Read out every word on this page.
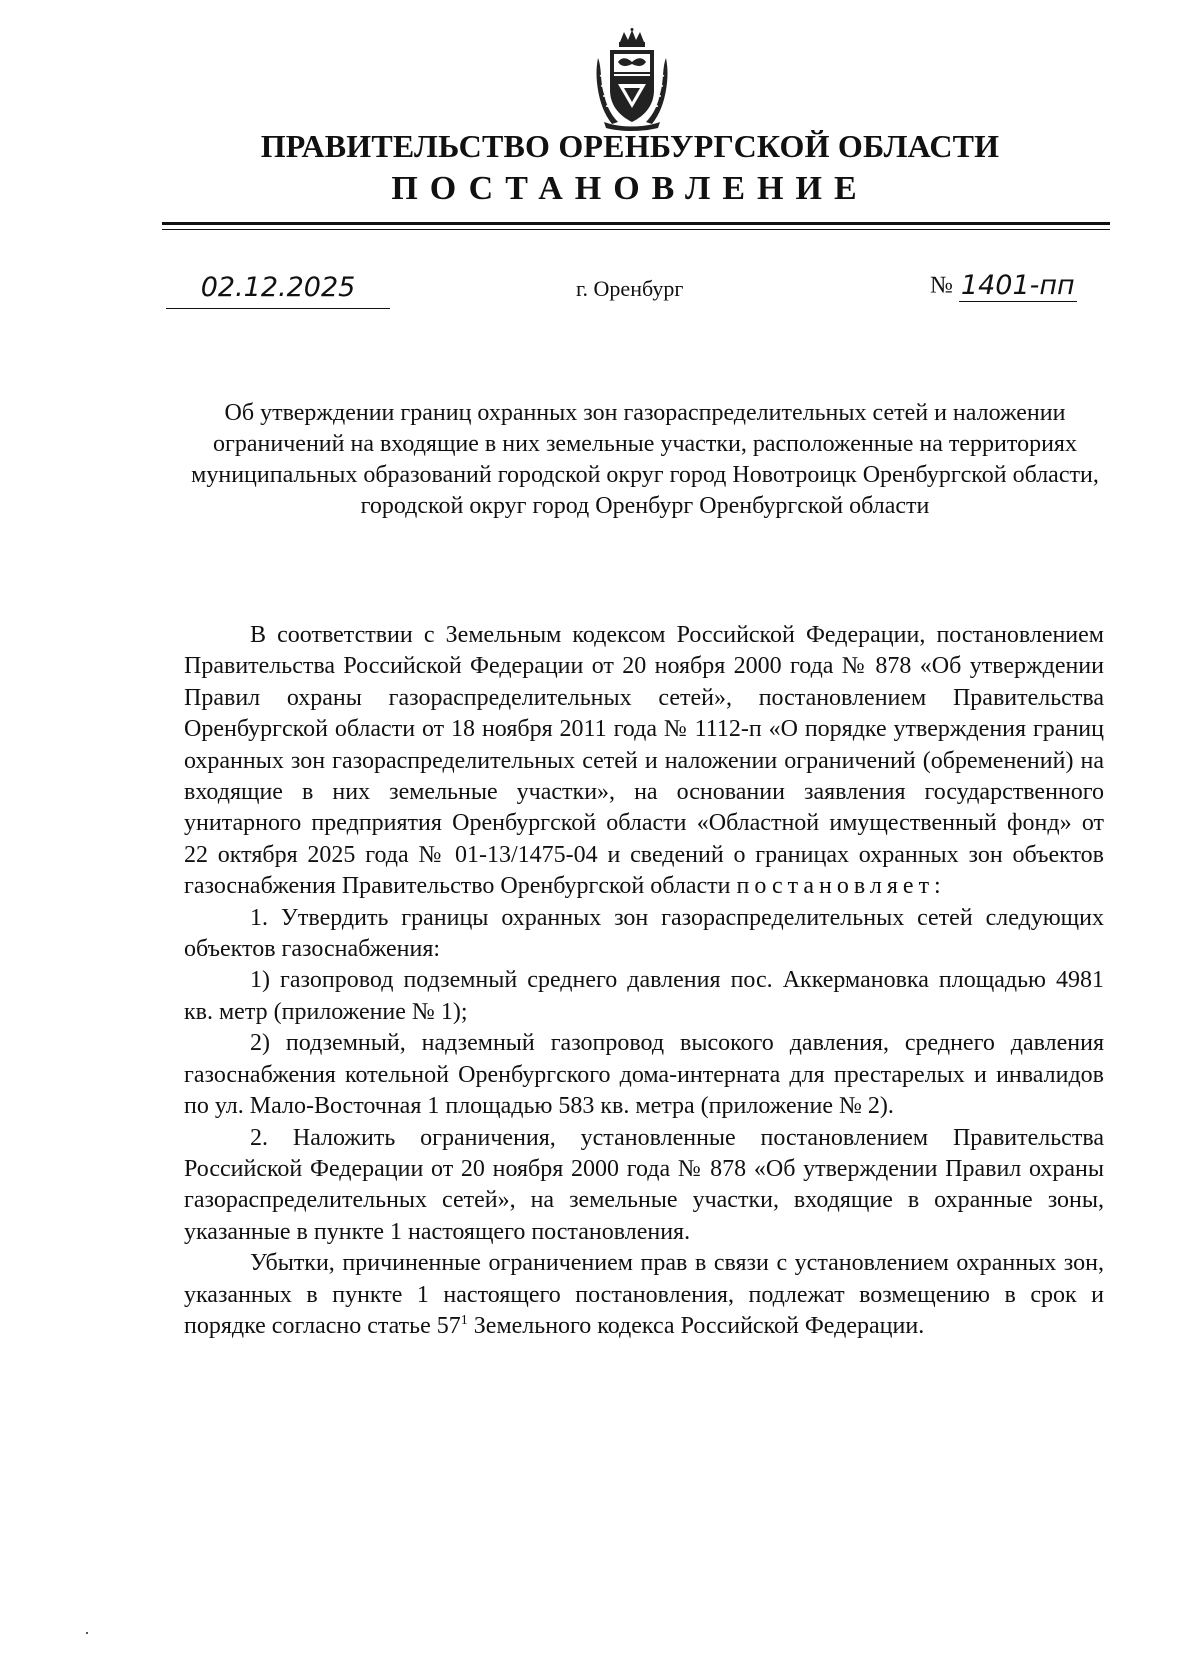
ПРАВИТЕЛЬСТВО ОРЕНБУРГСКОЙ ОБЛАСТИ
ПОСТАНОВЛЕНИЕ
02.12.2025	г. Оренбург	№ 1401-пп
Об утверждении границ охранных зон газораспределительных сетей и наложении ограничений на входящие в них земельные участки, расположенные на территориях муниципальных образований городской округ город Новотроицк Оренбургской области, городской округ город Оренбург Оренбургской области

В соответствии с Земельным кодексом Российской Федерации, постановлением Правительства Российской Федерации от 20 ноября 2000 года № 878 «Об утверждении Правил охраны газораспределительных сетей», постановлением Правительства Оренбургской области от 18 ноября 2011 года № 1112-п «О порядке утверждения границ охранных зон газораспределительных сетей и наложении ограничений (обременений) на входящие в них земельные участки», на основании заявления государственного унитарного предприятия Оренбургской области «Областной имущественный фонд» от 22 октября 2025 года № 01-13/1475-04 и сведений о границах охранных зон объектов газоснабжения Правительство Оренбургской области постановляет:

1. Утвердить границы охранных зон газораспределительных сетей следующих объектов газоснабжения:

1) газопровод подземный среднего давления пос. Аккермановка площадью 4981 кв. метр (приложение № 1);

2) подземный, надземный газопровод высокого давления, среднего давления газоснабжения котельной Оренбургского дома-интерната для престарелых и инвалидов по ул. Мало-Восточная 1 площадью 583 кв. метра (приложение № 2).

2. Наложить ограничения, установленные постановлением Правительства Российской Федерации от 20 ноября 2000 года № 878 «Об утверждении Правил охраны газораспределительных сетей», на земельные участки, входящие в охранные зоны, указанные в пункте 1 настоящего постановления.

Убытки, причиненные ограничением прав в связи с установлением охранных зон, указанных в пункте 1 настоящего постановления, подлежат возмещению в срок и порядке согласно статье $57^1$ Земельного кодекса Российской Федерации.
